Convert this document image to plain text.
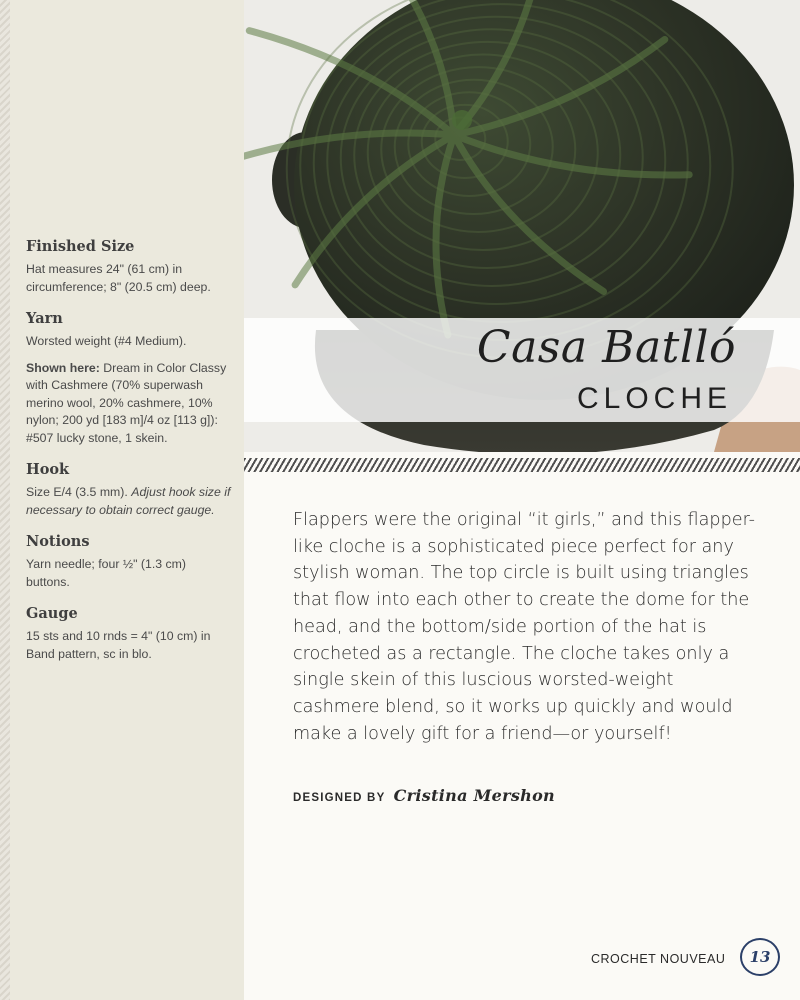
Finished Size
Hat measures 24" (61 cm) in circumference; 8" (20.5 cm) deep.
Yarn
Worsted weight (#4 Medium).
Shown here: Dream in Color Classy with Cashmere (70% superwash merino wool, 20% cashmere, 10% nylon; 200 yd [183 m]/4 oz [113 g]): #507 lucky stone, 1 skein.
Hook
Size E/4 (3.5 mm). Adjust hook size if necessary to obtain correct gauge.
Notions
Yarn needle; four ½" (1.3 cm) buttons.
Gauge
15 sts and 10 rnds = 4" (10 cm) in Band pattern, sc in blo.
Casa Batlló
CLOCHE
Flappers were the original “it girls,” and this flapper-like cloche is a sophisticated piece perfect for any stylish woman. The top circle is built using triangles that flow into each other to create the dome for the head, and the bottom/side portion of the hat is crocheted as a rectangle. The cloche takes only a single skein of this luscious worsted-weight cashmere blend, so it works up quickly and would make a lovely gift for a friend—or yourself!
DESIGNED BY Cristina Mershon
CROCHET NOUVEAU	13
